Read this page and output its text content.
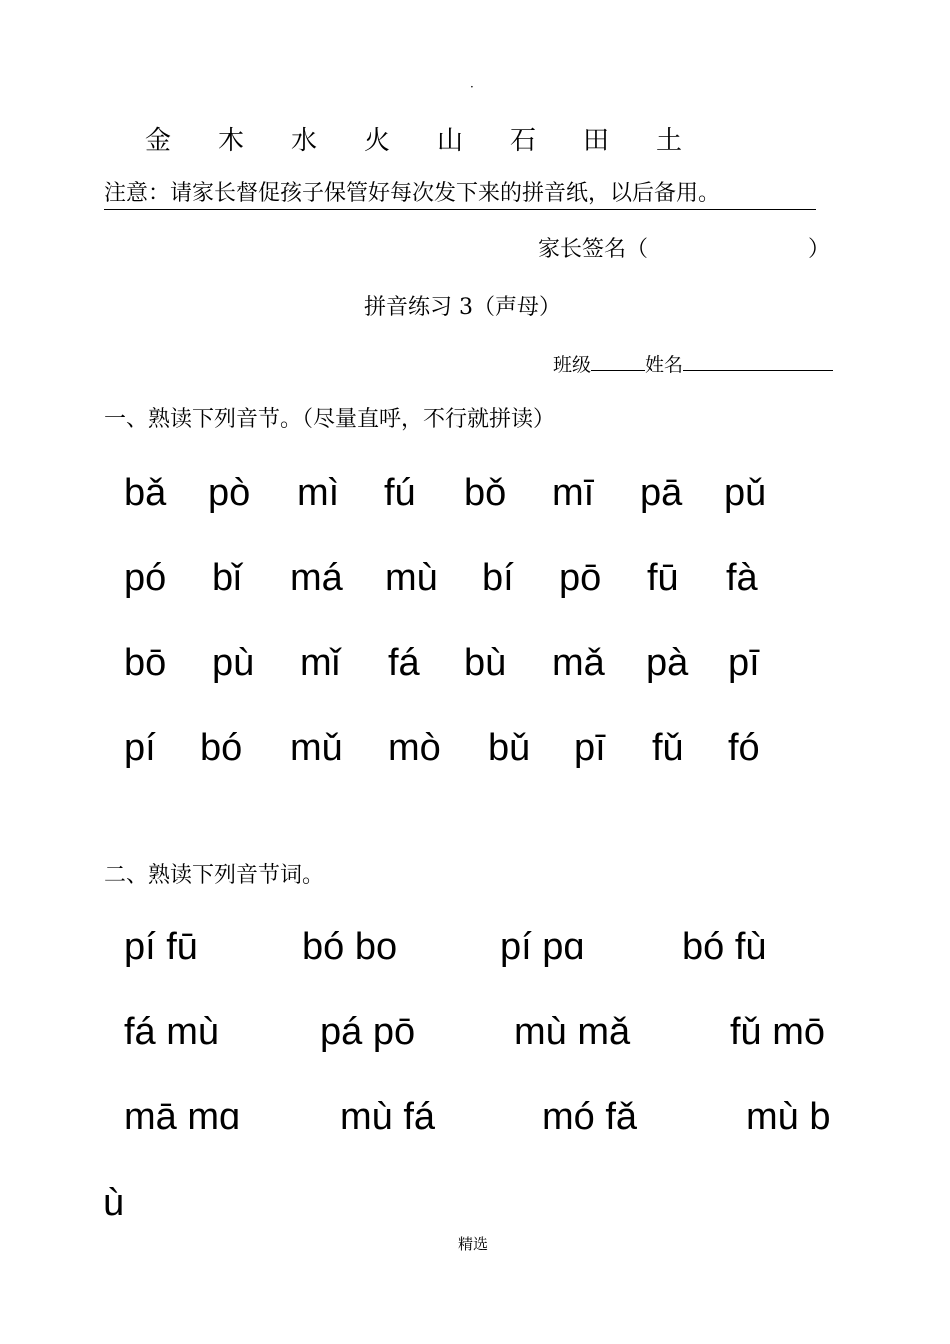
·
金 木 水 火 山 石 田 土
注意：请家长督促孩子保管好每次发下来的拼音纸，以后备用。
家长签名（	）
拼音练习 3（声母）
班级	姓名
一、熟读下列音节。（尽量直呼，不行就拼读）
bǎ pò mì fú bǒ mī pā pǔ
pó bǐ má mù bí pō fū fà
bō pù mǐ fá bù mǎ pà pī
pí bó mǔ mò bǔ pī fǔ fó
二、熟读下列音节词。
pí fū	bó bo	pí pɑ	bó fù
fá mù	pá pō	mù mǎ	fǔ mō
mā mɑ	mù fá	mó fǎ	mù b
ù
精选
